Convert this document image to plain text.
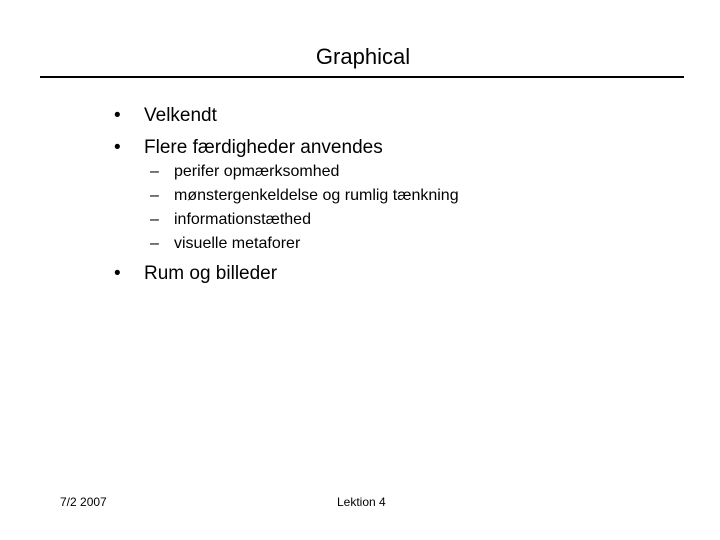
Graphical
• Velkendt
• Flere færdigheder anvendes
– perifer opmærksomhed
– mønstergenkeldelse og rumlig tænkning
– informationstæthed
– visuelle metaforer
• Rum og billeder
7/2 2007	Lektion 4
